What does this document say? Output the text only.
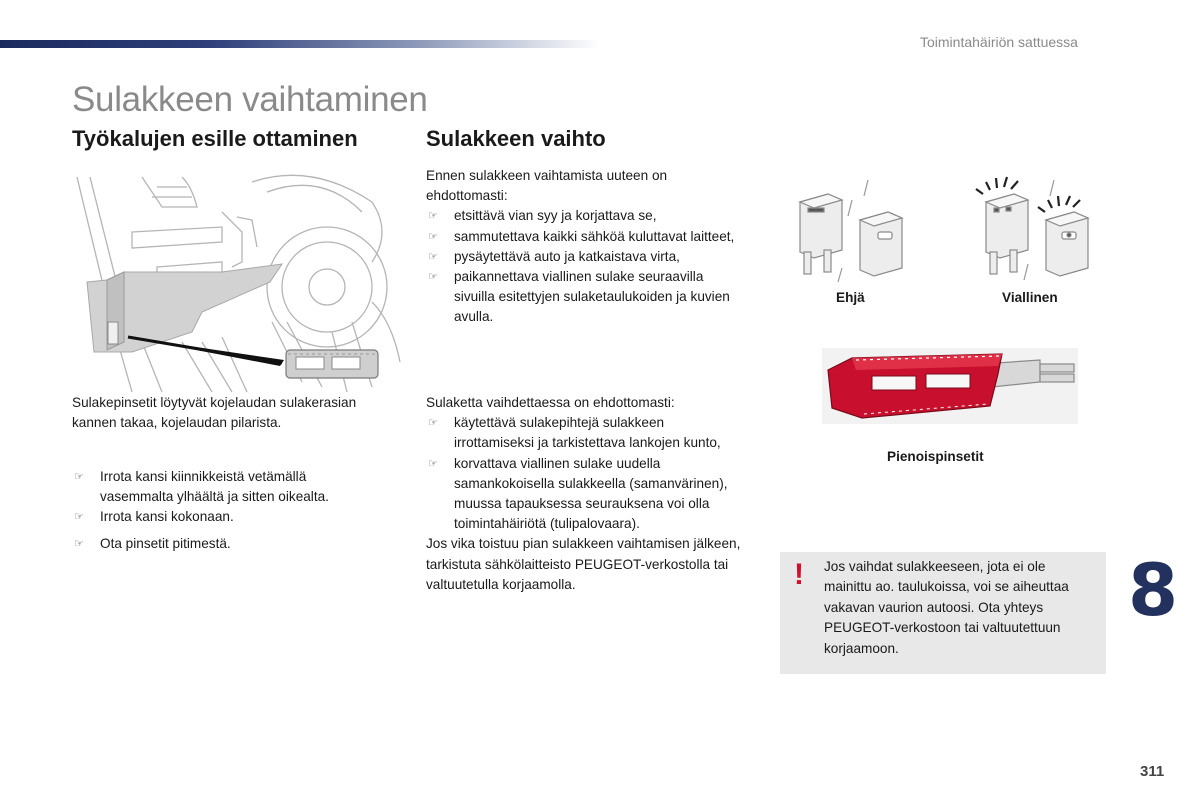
Toimintahäiriön sattuessa
Sulakkeen vaihtaminen
Työkalujen esille ottaminen
Sulakepinsetit löytyvät kojelaudan sulakerasian kannen takaa, kojelaudan pilarista.
☞ Irrota kansi kiinnikkeistä vetämällä vasemmalta ylhäältä ja sitten oikealta.
☞ Irrota kansi kokonaan.
☞ Ota pinsetit pitimestä.
Sulakkeen vaihto

Ennen sulakkeen vaihtamista uuteen on ehdottomasti:

☞ etsittävä vian syy ja korjattava se,
☞ sammutettava kaikki sähköä kuluttavat laitteet,
☞ pysäytettävä auto ja katkaistava virta,
☞ paikannettava viallinen sulake seuraavilla sivuilla esitettyjen sulaketaulukoiden ja kuvien avulla.

Sulaketta vaihdettaessa on ehdottomasti:

☞ käytettävä sulakepihtejä sulakkeen irrottamiseksi ja tarkistettava lankojen kunto,
☞ korvattava viallinen sulake uudella samankokoisella sulakkeella (samanvärinen), muussa tapauksessa seurauksena voi olla toimintahäiriötä (tulipalovaara).

Jos vika toistuu pian sulakkeen vaihtamisen jälkeen, tarkistuta sähkölaitteisto PEUGEOT-verkostolla tai valtuutetulla korjaamolla.

Ehjä	Viallinen
Pienoispinsetit
! Jos vaihdat sulakkeeseen, jota ei ole mainittu ao. taulukoissa, voi se aiheuttaa vakavan vaurion autoosi. Ota yhteys PEUGEOT-verkostoon tai valtuutettuun korjaamoon.
8
311
